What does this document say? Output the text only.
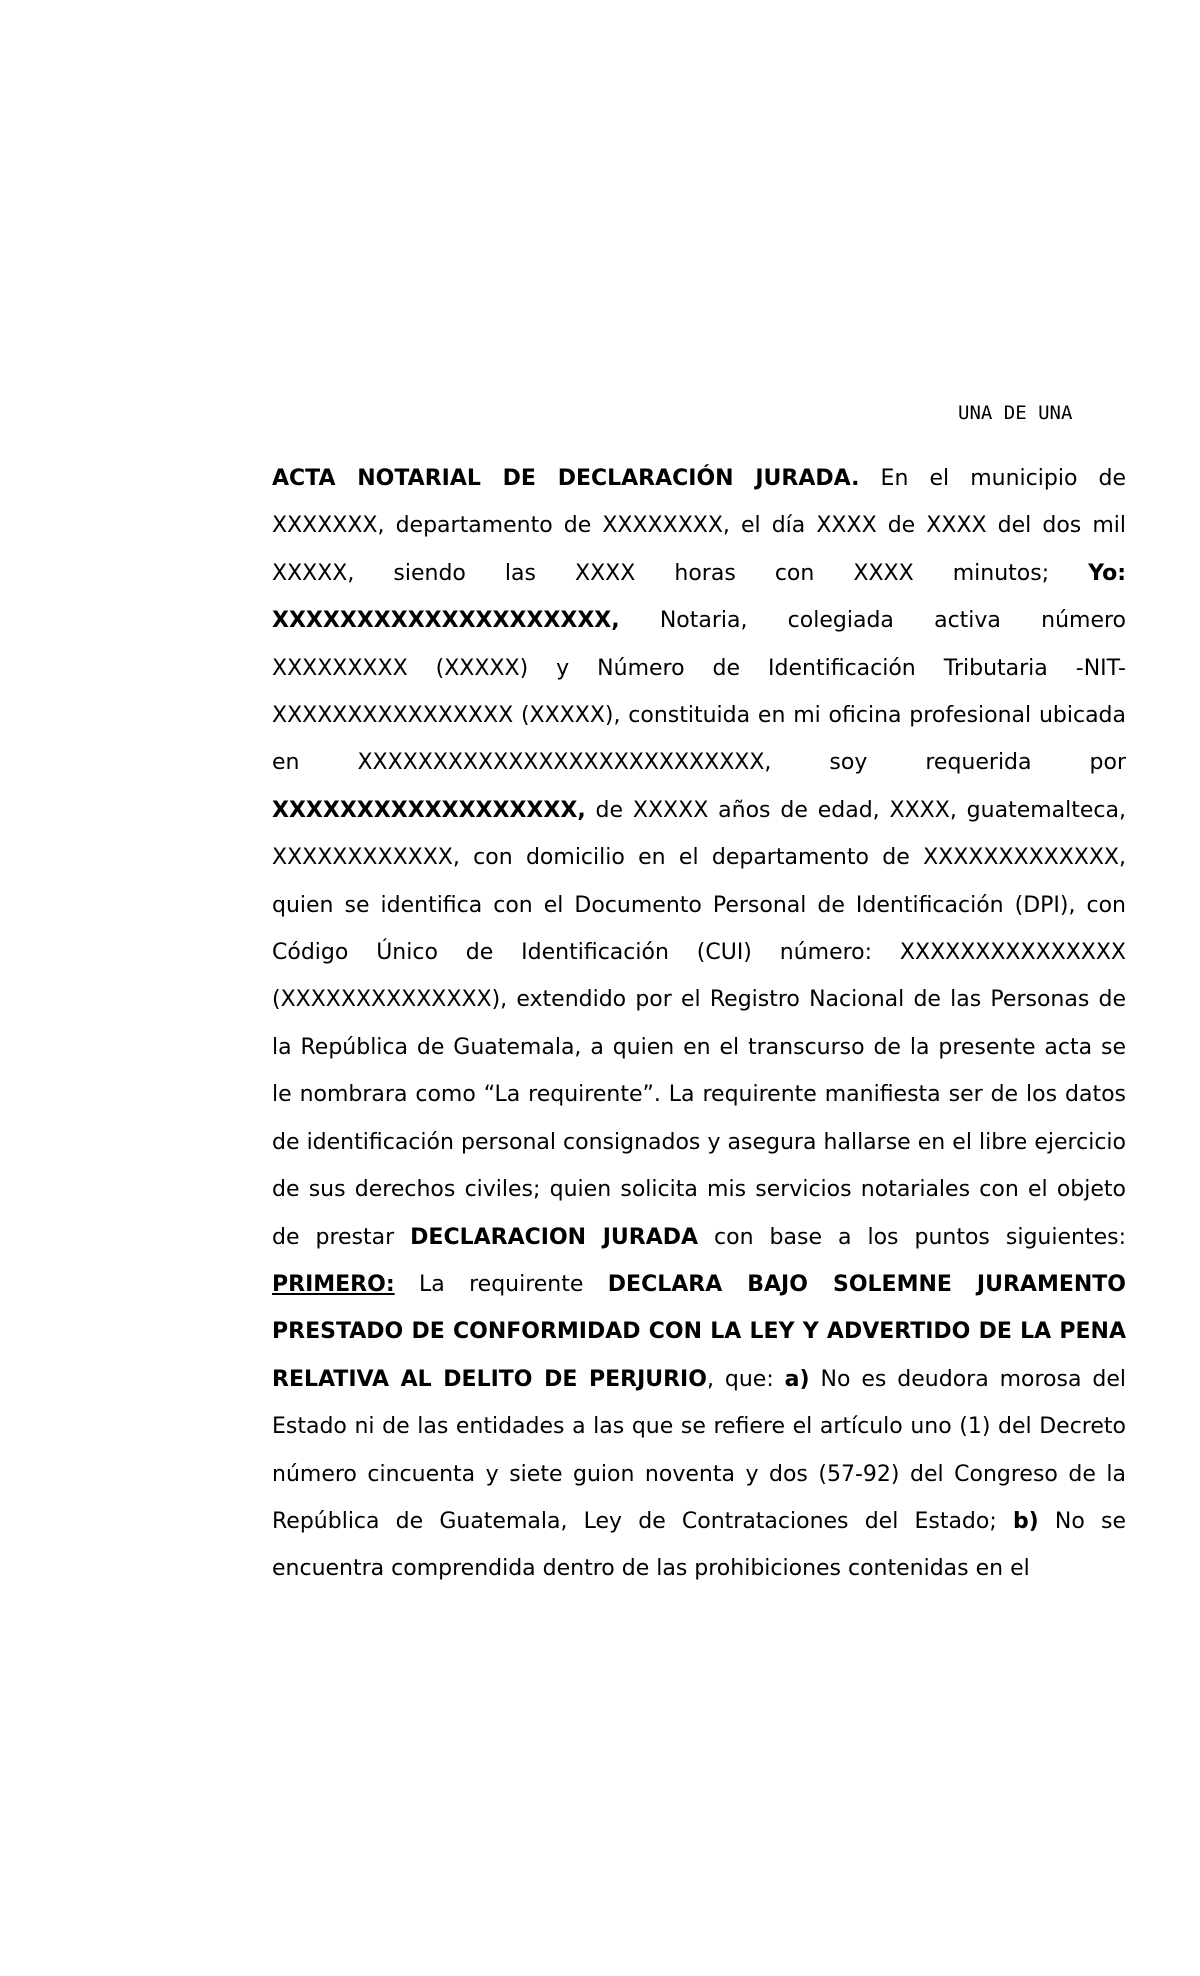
UNA DE UNA

ACTA NOTARIAL DE DECLARACIÓN JURADA. En el municipio de XXXXXXX, departamento de XXXXXXXX, el día XXXX de XXXX del dos mil XXXXX, siendo las XXXX horas con XXXX minutos; Yo: XXXXXXXXXXXXXXXXXXXX, Notaria, colegiada activa número XXXXXXXXX (XXXXX) y Número de Identificación Tributaria -NIT- XXXXXXXXXXXXXXXX (XXXXX), constituida en mi oficina profesional ubicada en XXXXXXXXXXXXXXXXXXXXXXXXXXX, soy requerida por XXXXXXXXXXXXXXXXXX, de XXXXX años de edad, XXXX, guatemalteca, XXXXXXXXXXXX, con domicilio en el departamento de XXXXXXXXXXXXX, quien se identifica con el Documento Personal de Identificación (DPI), con Código Único de Identificación (CUI) número: XXXXXXXXXXXXXXX (XXXXXXXXXXXXXX), extendido por el Registro Nacional de las Personas de la República de Guatemala, a quien en el transcurso de la presente acta se le nombrara como “La requirente”. La requirente manifiesta ser de los datos de identificación personal consignados y asegura hallarse en el libre ejercicio de sus derechos civiles; quien solicita mis servicios notariales con el objeto de prestar DECLARACION JURADA con base a los puntos siguientes: PRIMERO: La requirente DECLARA BAJO SOLEMNE JURAMENTO PRESTADO DE CONFORMIDAD CON LA LEY Y ADVERTIDO DE LA PENA RELATIVA AL DELITO DE PERJURIO, que: a) No es deudora morosa del Estado ni de las entidades a las que se refiere el artículo uno (1) del Decreto número cincuenta y siete guion noventa y dos (57-92) del Congreso de la República de Guatemala, Ley de Contrataciones del Estado; b) No se encuentra comprendida dentro de las prohibiciones contenidas en el
